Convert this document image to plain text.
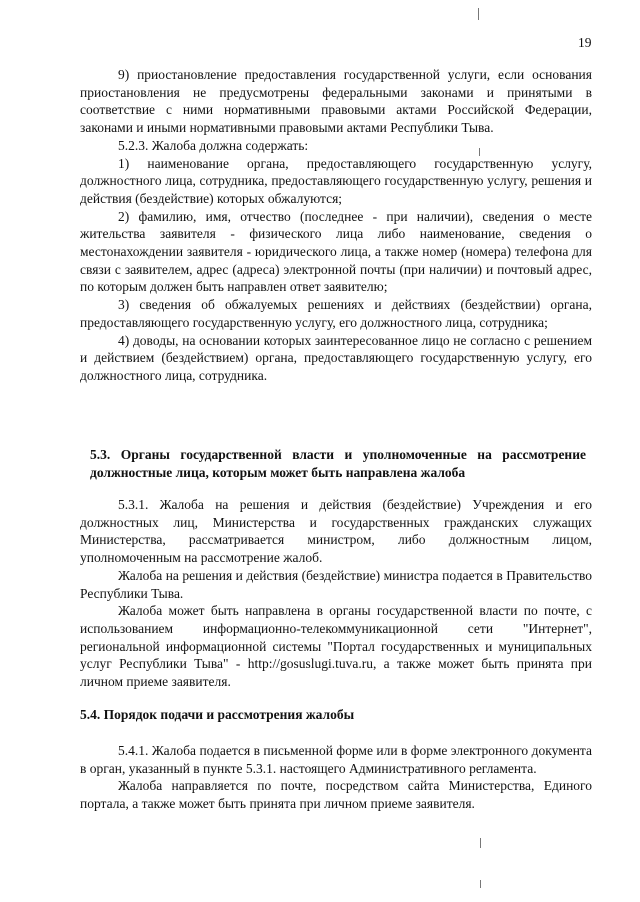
19

9) приостановление предоставления государственной услуги, если основания приостановления не предусмотрены федеральными законами и принятыми в соответствие с ними нормативными правовыми актами Российской Федерации, законами и иными нормативными правовыми актами Республики Тыва.

5.2.3. Жалоба должна содержать:

1) наименование органа, предоставляющего государственную услугу, должностного лица, сотрудника, предоставляющего государственную услугу, решения и действия (бездействие) которых обжалуются;

2) фамилию, имя, отчество (последнее - при наличии), сведения о месте жительства заявителя - физического лица либо наименование, сведения о местонахождении заявителя - юридического лица, а также номер (номера) телефона для связи с заявителем, адрес (адреса) электронной почты (при наличии) и почтовый адрес, по которым должен быть направлен ответ заявителю;

3) сведения об обжалуемых решениях и действиях (бездействии) органа, предоставляющего государственную услугу, его должностного лица, сотрудника;

4) доводы, на основании которых заинтересованное лицо не согласно с решением и действием (бездействием) органа, предоставляющего государственную услугу, его должностного лица, сотрудника.

5.3. Органы государственной власти и уполномоченные на рассмотрение должностные лица, которым может быть направлена жалоба

5.3.1. Жалоба на решения и действия (бездействие) Учреждения и его должностных лиц, Министерства и государственных гражданских служащих Министерства, рассматривается министром, либо должностным лицом, уполномоченным на рассмотрение жалоб.

Жалоба на решения и действия (бездействие) министра подается в Правительство Республики Тыва.

Жалоба может быть направлена в органы государственной власти по почте, с использованием информационно-телекоммуникационной сети "Интернет", региональной информационной системы "Портал государственных и муниципальных услуг Республики Тыва" - http://gosuslugi.tuva.ru, а также может быть принята при личном приеме заявителя.

5.4. Порядок подачи и рассмотрения жалобы

5.4.1. Жалоба подается в письменной форме или в форме электронного документа в орган, указанный в пункте 5.3.1. настоящего Административного регламента.

Жалоба направляется по почте, посредством сайта Министерства, Единого портала, а также может быть принята при личном приеме заявителя.
